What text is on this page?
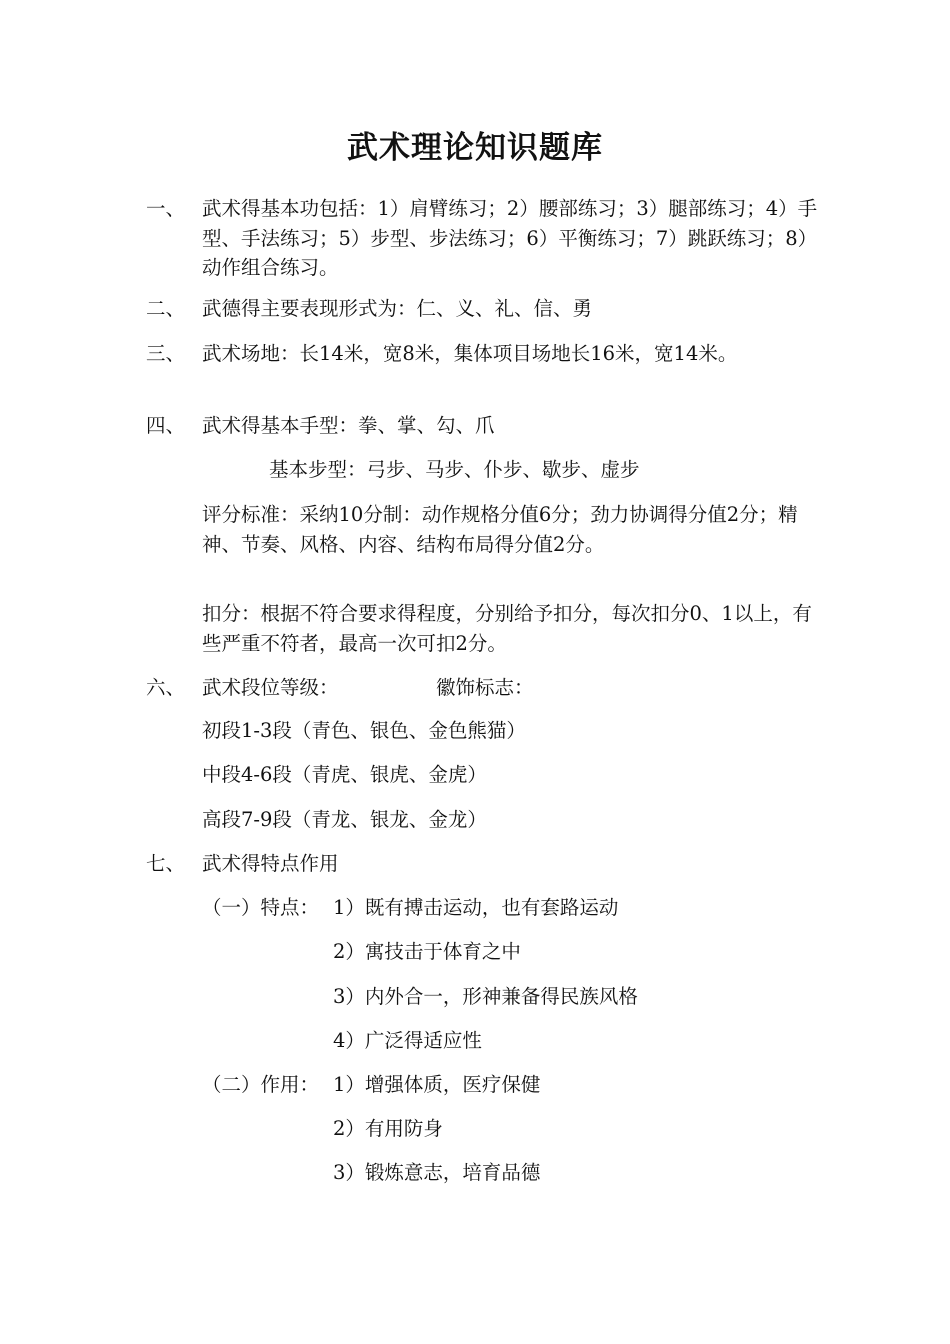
武术理论知识题库
一、 武术得基本功包括：1）肩臂练习；2）腰部练习；3）腿部练习；4）手型、手法练习；5）步型、步法练习；6）平衡练习；7）跳跃练习；8）动作组合练习。
二、 武德得主要表现形式为：仁、义、礼、信、勇
三、 武术场地：长14米，宽8米，集体项目场地长16米，宽14米。
四、 武术得基本手型：拳、掌、勾、爪
基本步型：弓步、马步、仆步、歇步、虚步
评分标准：采纳10分制：动作规格分值6分；劲力协调得分值2分；精神、节奏、风格、内容、结构布局得分值2分。
扣分：根据不符合要求得程度，分别给予扣分，每次扣分0、1以上，有些严重不符者，最高一次可扣2分。
六、 武术段位等级：	徽饰标志：
初段1-3段（青色、银色、金色熊猫）
中段4-6段（青虎、银虎、金虎）
高段7-9段（青龙、银龙、金龙）
七、 武术得特点作用
（一）特点： 1）既有搏击运动，也有套路运动
2）寓技击于体育之中
3）内外合一，形神兼备得民族风格
4）广泛得适应性
（二）作用： 1）增强体质，医疗保健
2）有用防身
3）锻炼意志，培育品德
